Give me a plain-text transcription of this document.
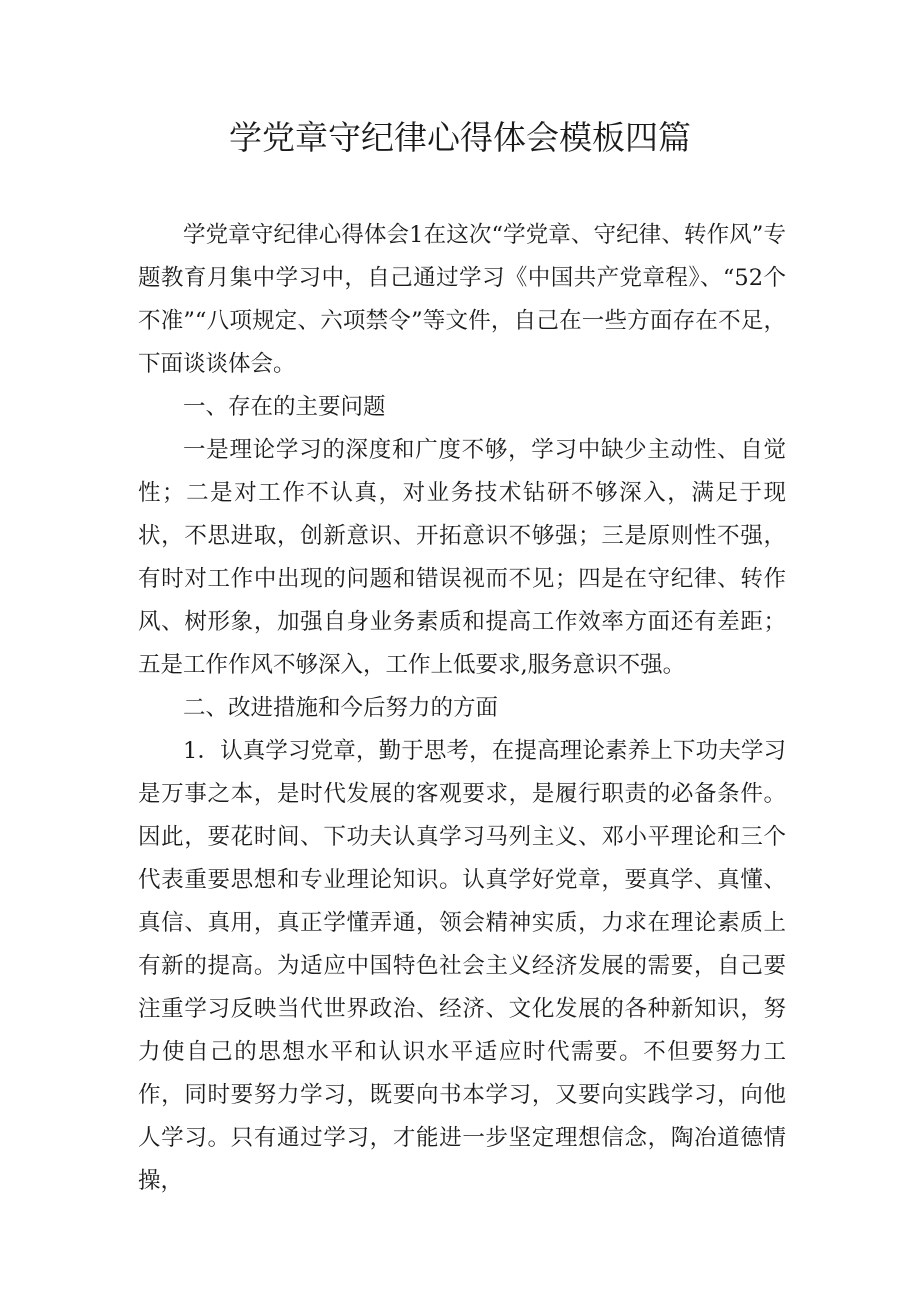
学党章守纪律心得体会模板四篇

学党章守纪律心得体会1在这次“学党章、守纪律、转作风”专题教育月集中学习中，自己通过学习《中国共产党章程》、“52个不准”“八项规定、六项禁令”等文件，自己在一些方面存在不足，下面谈谈体会。

一、存在的主要问题

一是理论学习的深度和广度不够，学习中缺少主动性、自觉性；二是对工作不认真，对业务技术钻研不够深入，满足于现状，不思进取，创新意识、开拓意识不够强；三是原则性不强，有时对工作中出现的问题和错误视而不见；四是在守纪律、转作风、树形象，加强自身业务素质和提高工作效率方面还有差距；五是工作作风不够深入，工作上低要求,服务意识不强。

二、改进措施和今后努力的方面

1．认真学习党章，勤于思考，在提高理论素养上下功夫学习是万事之本，是时代发展的客观要求，是履行职责的必备条件。因此，要花时间、下功夫认真学习马列主义、邓小平理论和三个代表重要思想和专业理论知识。认真学好党章，要真学、真懂、真信、真用，真正学懂弄通，领会精神实质，力求在理论素质上有新的提高。为适应中国特色社会主义经济发展的需要，自己要注重学习反映当代世界政治、经济、文化发展的各种新知识，努力使自己的思想水平和认识水平适应时代需要。不但要努力工作，同时要努力学习，既要向书本学习，又要向实践学习，向他人学习。只有通过学习，才能进一步坚定理想信念，陶冶道德情操，
